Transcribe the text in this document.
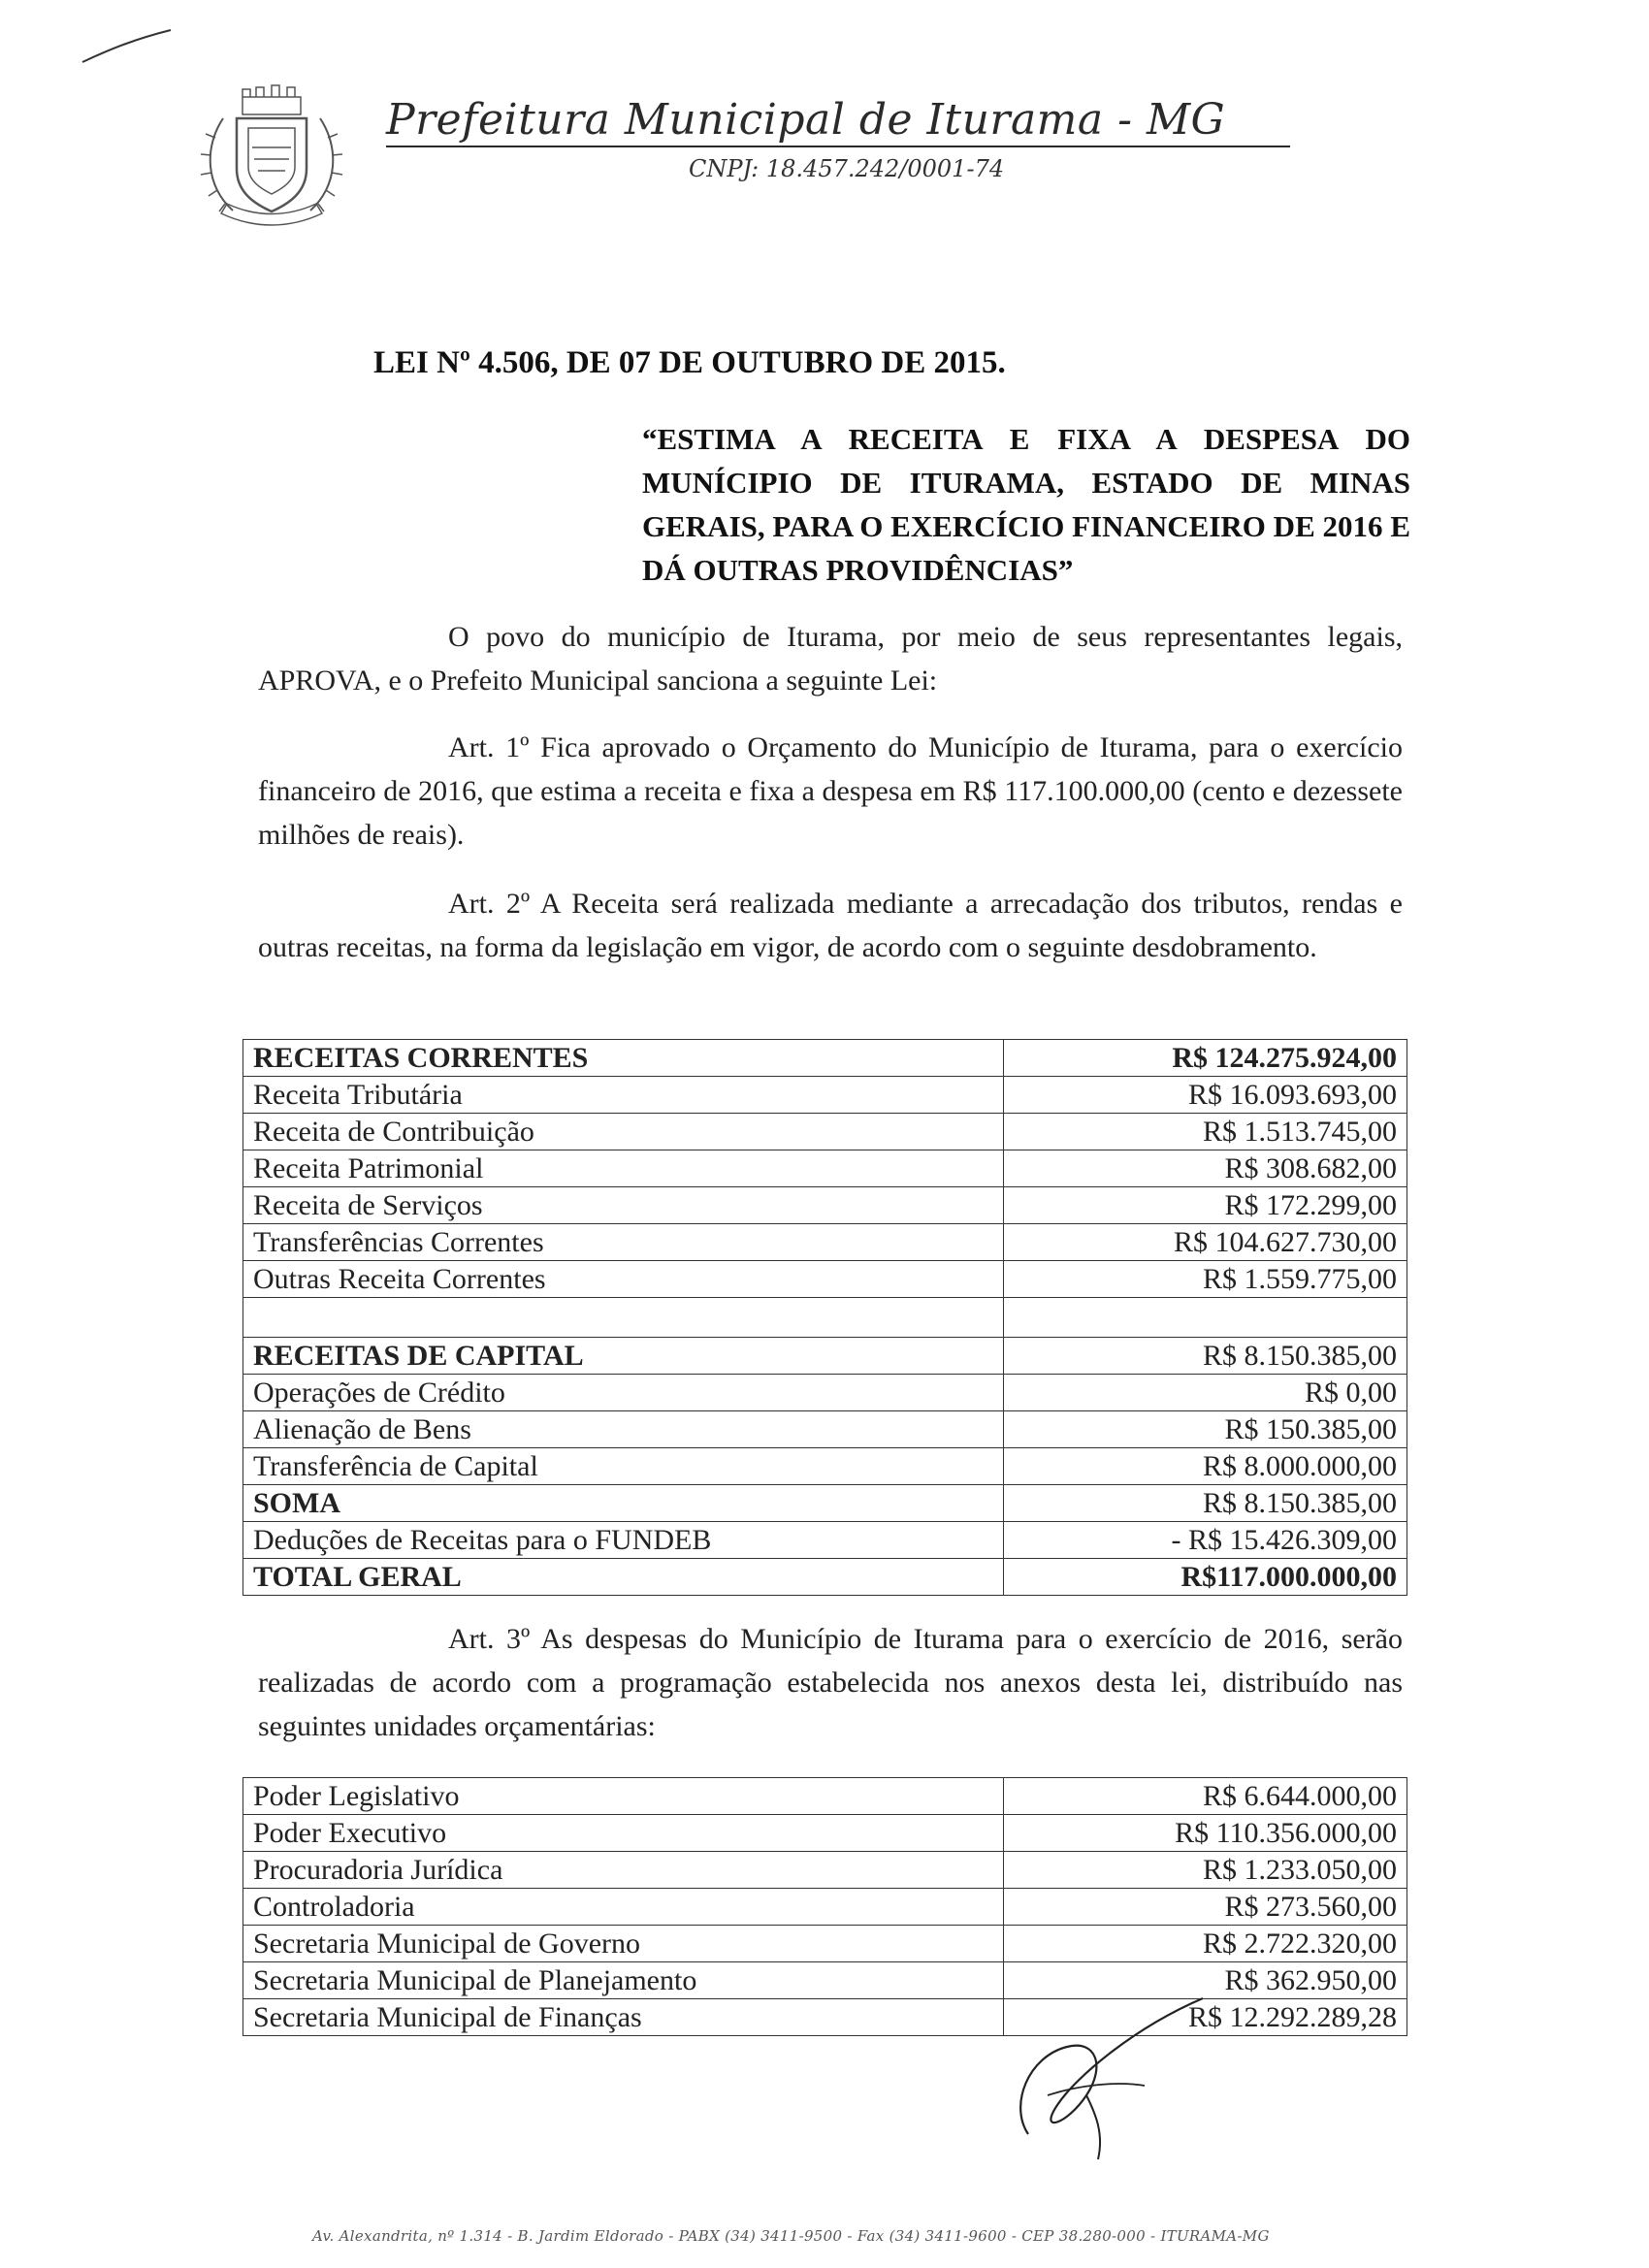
Prefeitura Municipal de Iturama - MG
CNPJ: 18.457.242/0001-74
LEI Nº 4.506, DE 07 DE OUTUBRO DE 2015.
“ESTIMA A RECEITA E FIXA A DESPESA DO MUNÍCIPIO DE ITURAMA, ESTADO DE MINAS GERAIS, PARA O EXERCÍCIO FINANCEIRO DE 2016 E DÁ OUTRAS PROVIDÊNCIAS”
O povo do município de Iturama, por meio de seus representantes legais, APROVA, e o Prefeito Municipal sanciona a seguinte Lei:
Art. 1º Fica aprovado o Orçamento do Município de Iturama, para o exercício financeiro de 2016, que estima a receita e fixa a despesa em R$ 117.100.000,00 (cento e dezessete milhões de reais).
Art. 2º A Receita será realizada mediante a arrecadação dos tributos, rendas e outras receitas, na forma da legislação em vigor, de acordo com o seguinte desdobramento.
RECEITAS CORRENTES	R$ 124.275.924,00
Receita Tributária	R$ 16.093.693,00
Receita de Contribuição	R$ 1.513.745,00
Receita Patrimonial	R$ 308.682,00
Receita de Serviços	R$ 172.299,00
Transferências Correntes	R$ 104.627.730,00
Outras Receita Correntes	R$ 1.559.775,00

RECEITAS DE CAPITAL	R$ 8.150.385,00
Operações de Crédito	R$ 0,00
Alienação de Bens	R$ 150.385,00
Transferência de Capital	R$ 8.000.000,00
SOMA	R$ 8.150.385,00
Deduções de Receitas para o FUNDEB	- R$ 15.426.309,00
TOTAL GERAL	R$117.000.000,00
Art. 3º As despesas do Município de Iturama para o exercício de 2016, serão realizadas de acordo com a programação estabelecida nos anexos desta lei, distribuído nas seguintes unidades orçamentárias:
Poder Legislativo	R$ 6.644.000,00
Poder Executivo	R$ 110.356.000,00
Procuradoria Jurídica	R$ 1.233.050,00
Controladoria	R$ 273.560,00
Secretaria Municipal de Governo	R$ 2.722.320,00
Secretaria Municipal de Planejamento	R$ 362.950,00
Secretaria Municipal de Finanças	R$ 12.292.289,28
Av. Alexandrita, nº 1.314 - B. Jardim Eldorado - PABX (34) 3411-9500 - Fax (34) 3411-9600 - CEP 38.280-000 - ITURAMA-MG
